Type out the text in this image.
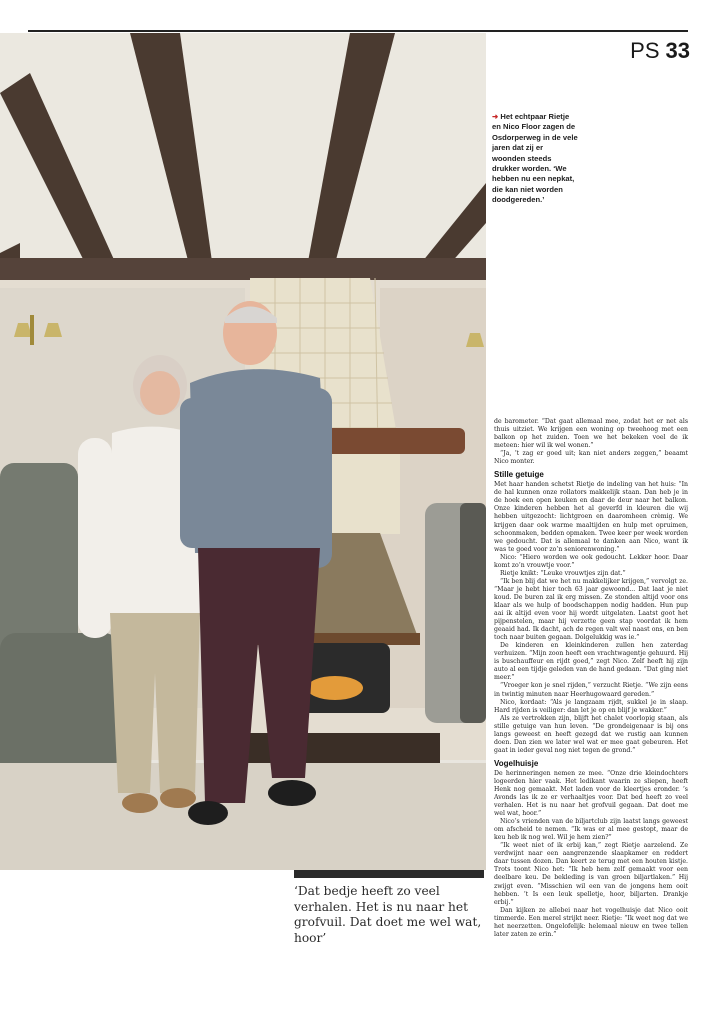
PS 33
➜ Het echtpaar Rietje en Nico Floor zagen de Osdorperweg in de vele jaren dat zij er woonden steeds drukker worden. ‘We hebben nu een nepkat, die kan niet worden doodgereden.’
‘Dat bedje heeft zo veel verhalen. Het is nu naar het grofvuil. Dat doet me wel wat, hoor’

de barometer. “Dat gaat allemaal mee, zodat het er net als thuis uitziet. We krijgen een woning op tweehoog met een balkon op het zuiden. Toen we het bekeken voel de ik meteen: hier wil ik wel wonen.”

“Ja, ’t zag er goed uit; kan niet anders zeggen,” beaamt Nico monter.

Stille getuige

Met haar handen schetst Rietje de indeling van het huis: “In de hal kunnen onze rollators makkelijk staan. Dan heb je in de hoek een open keuken en daar de deur naar het balkon. Onze kinderen hebben het al geverfd in kleuren die wij hebben uitgezocht: lichtgroen en daaromheen crèmig. We krijgen daar ook warme maaltijden en hulp met opruimen, schoonmaken, bedden opmaken. Twee keer per week worden we gedoucht. Dat is allemaal te danken aan Nico, want ik was te goed voor zo’n seniorenwoning.”

Nico: “Hiero worden we ook gedoucht. Lekker hoor. Daar komt zo’n vrouwtje voor.”

Rietje knikt: “Leuke vrouwtjes zijn dat.”

“Ik ben blij dat we het nu makkelijker krijgen,” vervolgt ze. “Maar je hebt hier toch 63 jaar gewoond... Dat laat je niet koud. De buren zal ik erg missen. Ze stonden altijd voor ons klaar als we hulp of boodschappen nodig hadden. Hun pup aai ik altijd even voor hij wordt uitgelaten. Laatst goot het pijpenstelen, maar hij verzette geen stap voordat ik hem geaaid had. Ik dacht, ach de regen valt wel naast ons, en ben toch naar buiten gegaan. Dolgelukkig was ie.”

De kinderen en kleinkinderen zullen hen zaterdag verhuizen. “Mijn zoon heeft een vrachtwagentje gehuurd. Hij is buschauffeur en rijdt goed,” zegt Nico. Zelf heeft hij zijn auto al een tijdje geleden van de hand gedaan. “Dat ging niet meer.”

“Vroeger kon je snel rijden,” verzucht Rietje. “We zijn eens in twintig minuten naar Heerhugowaard gereden.”

Nico, kordaat: “Als je langzaam rijdt, sukkel je in slaap. Hard rijden is veiliger: dan let je op en blijf je wakker.”

Als ze vertrokken zijn, blijft het chalet voorlopig staan, als stille getuige van hun leven. “De grondeigenaar is bij ons langs geweest en heeft gezegd dat we rustig aan kunnen doen. Dan zien we later wel wat er mee gaat gebeuren. Het gaat in ieder geval nog niet tegen de grond.”

Vogelhuisje

De herinneringen nemen ze mee. “Onze drie kleindochters logeerden hier vaak. Het ledikant waarin ze sliepen, heeft Henk nog gemaakt. Met laden voor de kleertjes eronder. ’s Avonds las ik ze er verhaaltjes voor. Dat bed heeft zo veel verhalen. Het is nu naar het grofvuil gegaan. Dat doet me wel wat, hoor.”

Nico’s vrienden van de biljartclub zijn laatst langs geweest om afscheid te nemen. “Ik was er al mee gestopt, maar de keu heb ik nog wel. Wil je hem zien?”

“Ik weet niet of ik erbij kan,” zegt Rietje aarzelend. Ze verdwijnt naar een aangrenzende slaapkamer en reddert daar tussen dozen. Dan keert ze terug met een houten kistje. Trots toont Nico het: “Ik heb hem zelf gemaakt voor een deelbare keu. De bekleding is van groen biljartlaken.” Hij zwijgt even. “Misschien wil een van de jongens hem ooit hebben. ’t Is een leuk spelletje, hoor, biljarten. Drankje erbij.”

Dan kijken ze allebei naar het vogelhuisje dat Nico ooit timmerde. Een merel strijkt neer. Rietje: “Ik weet nog dat we het neerzetten. Ongelofelijk: helemaal nieuw en twee tellen later zaten ze erin.”
